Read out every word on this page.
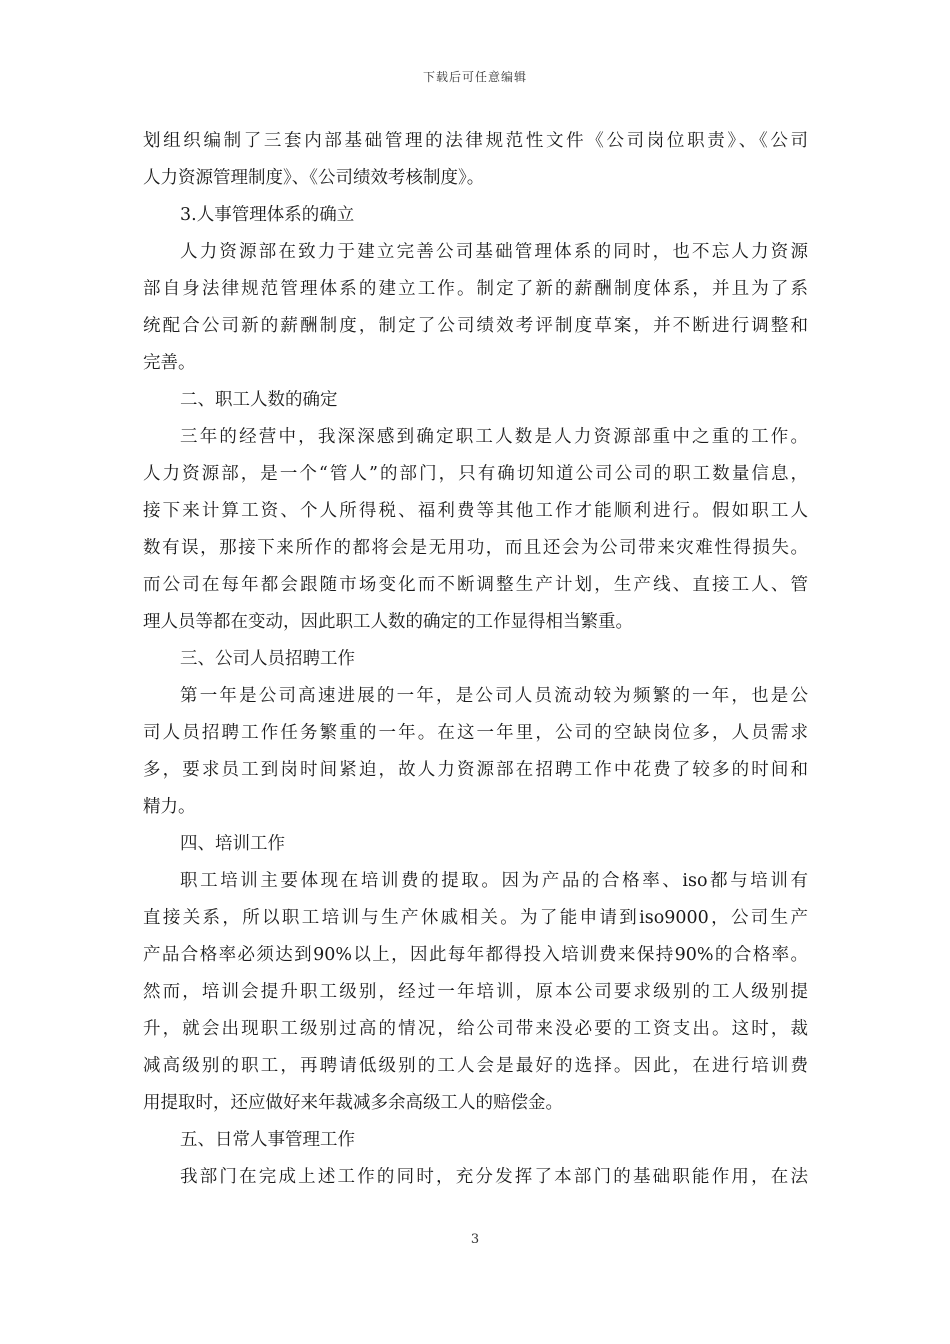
下载后可任意编辑
划组织编制了三套内部基础管理的法律规范性文件《公司岗位职责》、《公司
人力资源管理制度》、《公司绩效考核制度》。
3.人事管理体系的确立
人力资源部在致力于建立完善公司基础管理体系的同时，也不忘人力资源
部自身法律规范管理体系的建立工作。制定了新的薪酬制度体系，并且为了系
统配合公司新的薪酬制度，制定了公司绩效考评制度草案，并不断进行调整和
完善。
二、职工人数的确定
三年的经营中，我深深感到确定职工人数是人力资源部重中之重的工作。
人力资源部，是一个“管人”的部门，只有确切知道公司公司的职工数量信息，
接下来计算工资、个人所得税、福利费等其他工作才能顺利进行。假如职工人
数有误，那接下来所作的都将会是无用功，而且还会为公司带来灾难性得损失。
而公司在每年都会跟随市场变化而不断调整生产计划，生产线、直接工人、管
理人员等都在变动，因此职工人数的确定的工作显得相当繁重。
三、公司人员招聘工作
第一年是公司高速进展的一年，是公司人员流动较为频繁的一年，也是公
司人员招聘工作任务繁重的一年。在这一年里，公司的空缺岗位多，人员需求
多，要求员工到岗时间紧迫，故人力资源部在招聘工作中花费了较多的时间和
精力。
四、培训工作
职工培训主要体现在培训费的提取。因为产品的合格率、iso都与培训有
直接关系，所以职工培训与生产休戚相关。为了能申请到iso9000，公司生产
产品合格率必须达到90%以上，因此每年都得投入培训费来保持90%的合格率。
然而，培训会提升职工级别，经过一年培训，原本公司要求级别的工人级别提
升，就会出现职工级别过高的情况，给公司带来没必要的工资支出。这时，裁
减高级别的职工，再聘请低级别的工人会是最好的选择。因此，在进行培训费
用提取时，还应做好来年裁减多余高级工人的赔偿金。
五、日常人事管理工作
我部门在完成上述工作的同时，充分发挥了本部门的基础职能作用，在法
3
